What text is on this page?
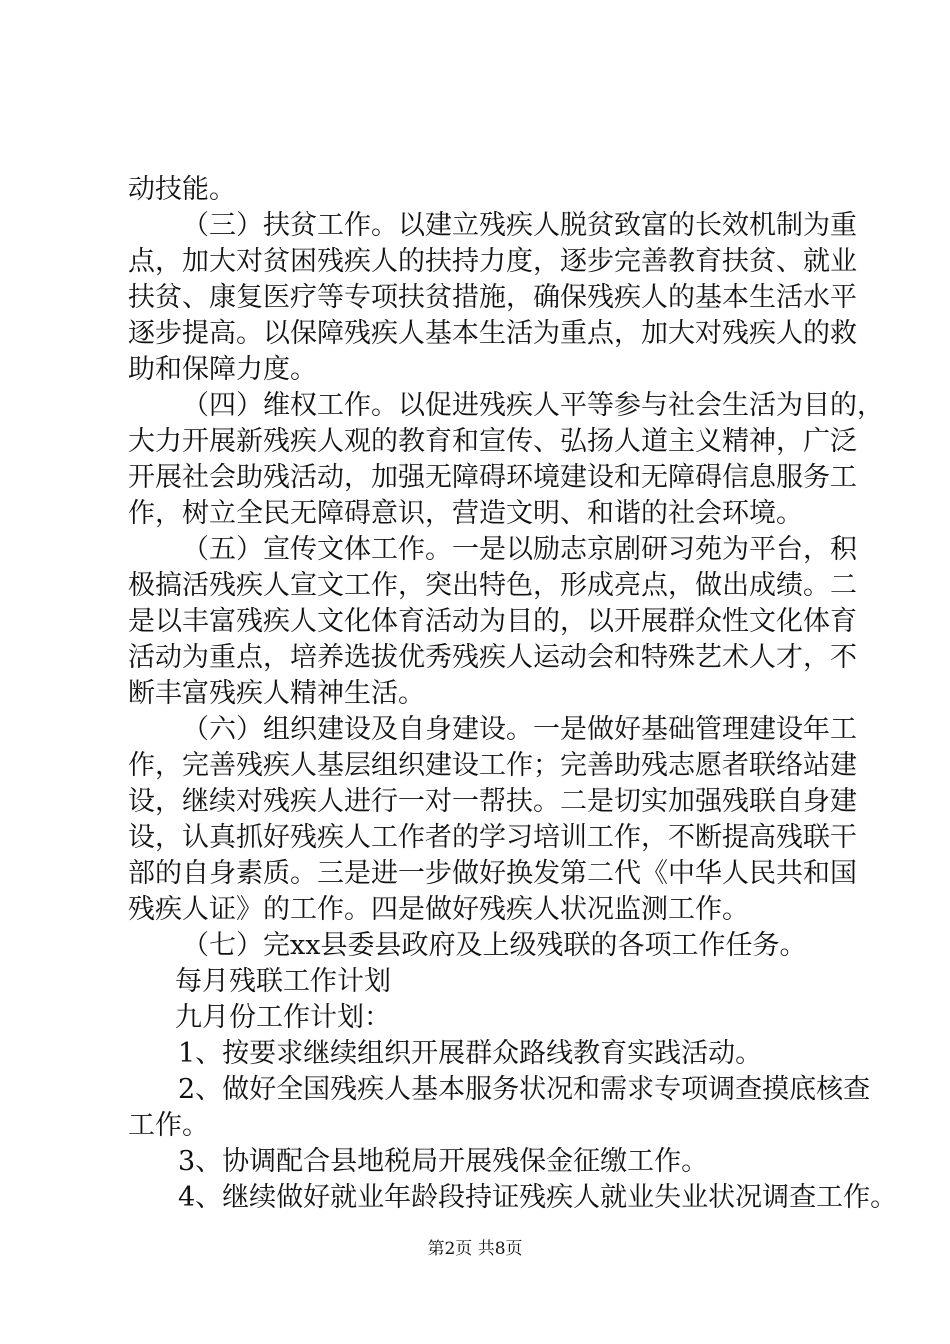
动技能。
（三）扶贫工作。以建立残疾人脱贫致富的长效机制为重
点，加大对贫困残疾人的扶持力度，逐步完善教育扶贫、就业
扶贫、康复医疗等专项扶贫措施，确保残疾人的基本生活水平
逐步提高。以保障残疾人基本生活为重点，加大对残疾人的救
助和保障力度。
（四）维权工作。以促进残疾人平等参与社会生活为目的，
大力开展新残疾人观的教育和宣传、弘扬人道主义精神，广泛
开展社会助残活动，加强无障碍环境建设和无障碍信息服务工
作，树立全民无障碍意识，营造文明、和谐的社会环境。
（五）宣传文体工作。一是以励志京剧研习苑为平台，积
极搞活残疾人宣文工作，突出特色，形成亮点，做出成绩。二
是以丰富残疾人文化体育活动为目的，以开展群众性文化体育
活动为重点，培养选拔优秀残疾人运动会和特殊艺术人才，不
断丰富残疾人精神生活。
（六）组织建设及自身建设。一是做好基础管理建设年工
作，完善残疾人基层组织建设工作；完善助残志愿者联络站建
设，继续对残疾人进行一对一帮扶。二是切实加强残联自身建
设，认真抓好残疾人工作者的学习培训工作，不断提高残联干
部的自身素质。三是进一步做好换发第二代《中华人民共和国
残疾人证》的工作。四是做好残疾人状况监测工作。
（七）完xx县委县政府及上级残联的各项工作任务。
每月残联工作计划
九月份工作计划：
1、按要求继续组织开展群众路线教育实践活动。
2、做好全国残疾人基本服务状况和需求专项调查摸底核查
工作。
3、协调配合县地税局开展残保金征缴工作。
4、继续做好就业年龄段持证残疾人就业失业状况调查工作。
第2页 共8页
